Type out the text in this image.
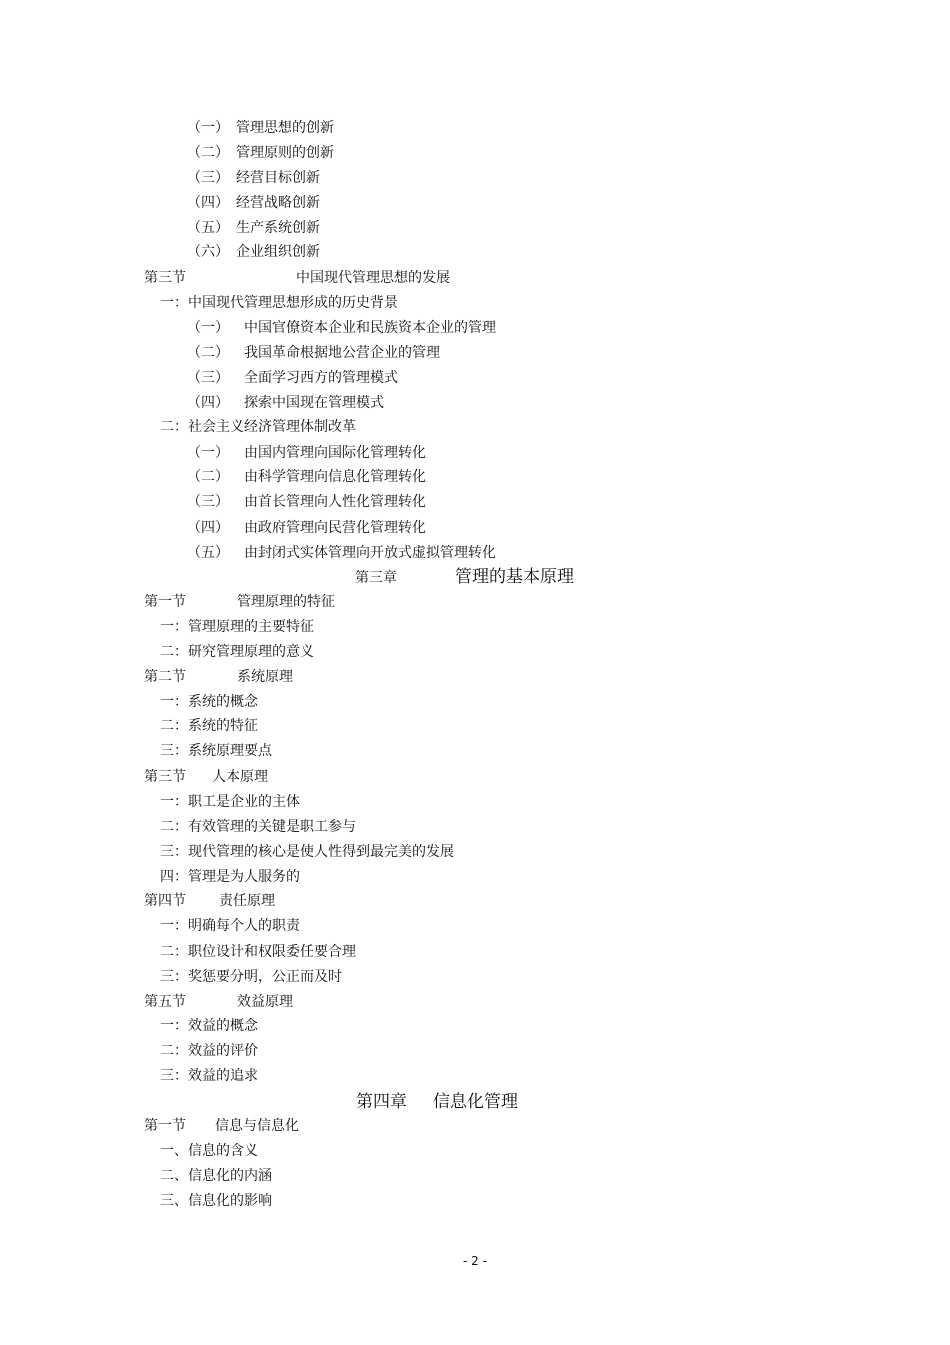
（一） 管理思想的创新
（二） 管理原则的创新
（三） 经营目标创新
（四） 经营战略创新
（五） 生产系统创新
（六） 企业组织创新
第三节	中国现代管理思想的发展
一：中国现代管理思想形成的历史背景
（一） 中国官僚资本企业和民族资本企业的管理
（二） 我国革命根据地公营企业的管理
（三） 全面学习西方的管理模式
（四） 探索中国现在管理模式
二：社会主义经济管理体制改革
（一） 由国内管理向国际化管理转化
（二） 由科学管理向信息化管理转化
（三） 由首长管理向人性化管理转化
（四） 由政府管理向民营化管理转化
（五） 由封闭式实体管理向开放式虚拟管理转化
第三章	管理的基本原理
第一节	管理原理的特征
一：管理原理的主要特征
二：研究管理原理的意义
第二节	系统原理
一：系统的概念
二：系统的特征
三：系统原理要点
第三节 人本原理
一：职工是企业的主体
二：有效管理的关键是职工参与
三：现代管理的核心是使人性得到最完美的发展
四：管理是为人服务的
第四节 责任原理
一：明确每个人的职责
二：职位设计和权限委任要合理
三：奖惩要分明，公正而及时
第五节	效益原理
一：效益的概念
二：效益的评价
三：效益的追求
第四章 信息化管理
第一节 信息与信息化
一、信息的含义
二、信息化的内涵
三、信息化的影响
- 2 -
